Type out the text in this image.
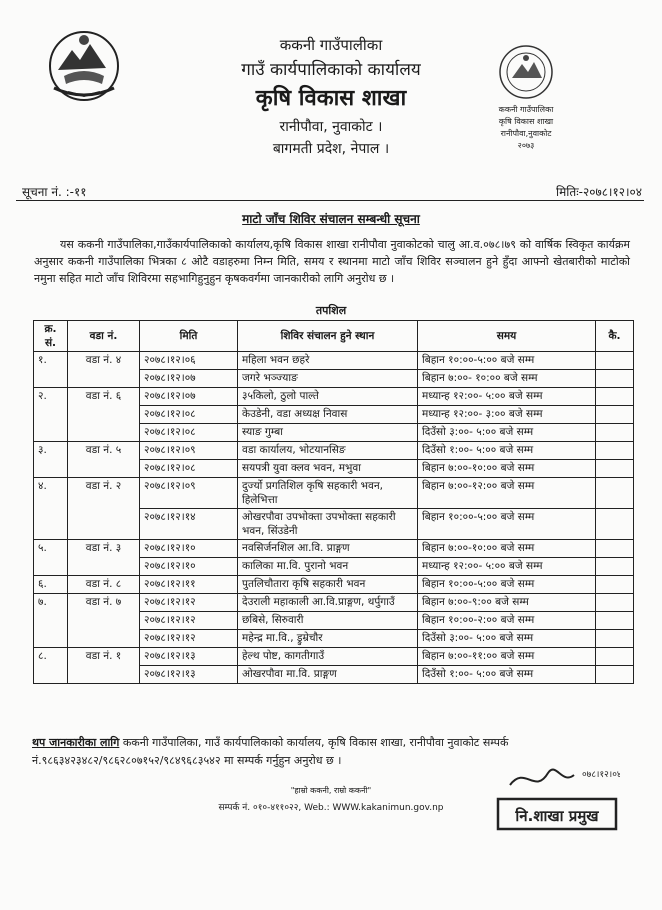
ककनी गाउँपालीका
गाउँ कार्यपालिकाको कार्यालय
कृषि विकास शाखा
रानीपौवा, नुवाकोट ।
बागमती प्रदेश, नेपाल ।
ककनी गाउँपालिका
कृषि विकास शाखा
रानीपौवा,नुवाकोट
२०७३
सूचना नं. :-११	मितिः-२०७८।१२।०४
माटो जाँच शिविर संचालन सम्बन्धी सूचना
यस ककनी गाउँपालिका,गाउँकार्यपालिकाको कार्यालय,कृषि विकास शाखा रानीपौवा नुवाकोटको चालु आ.व.०७८।७९ को वार्षिक स्विकृत कार्यक्रम अनुसार ककनी गाउँपालिका भित्रका ८ ओटै वडाहरुमा निम्न मिति, समय र स्थानमा माटो जाँच शिविर सञ्चालन हुने हुँदा आफ्नो खेतबारीको माटोको नमुना सहित माटो जाँच शिविरमा सहभागिहुनुहुन कृषकवर्गमा जानकारीको लागि अनुरोध छ ।
तपशिल
क्र. सं.	वडा नं.	मिति	शिविर संचालन हुने स्थान	समय	कै.
१.	वडा नं. ४	२०७८।१२।०६	महिला भवन छहरे	बिहान १०:००-५:०० बजे सम्म	
		२०७८।१२।०७	जगरे भञ्ज्याङ	बिहान ७:००- १०:०० बजे सम्म	
२.	वडा नं. ६	२०७८।१२।०७	३५किलो, ठुलो पाल्ते	मध्यान्ह १२:००- ५:०० बजे सम्म	
		२०७८।१२।०८	केउडेनी, वडा अध्यक्ष निवास	मध्यान्ह १२:००- ३:०० बजे सम्म	
		२०७८।१२।०८	स्याङ गुम्बा	दिउँसो ३:००- ५:०० बजे सम्म	
३.	वडा नं. ५	२०७८।१२।०९	वडा कार्यालय, भोटयानसिङ	दिउँसो १:००- ५:०० बजे सम्म	
		२०७८।१२।०८	सयपत्री युवा क्लव भवन, मभुवा	बिहान ७:००-१०:०० बजे सम्म	
४.	वडा नं. २	२०७८।१२।०९	दुर्ज्यो प्रगतिशिल कृषि सहकारी भवन, हिलेभित्ता	बिहान ७:००-१२:०० बजे सम्म	
		२०७८।१२।१४	ओखरपौवा उपभोक्ता उपभोक्ता सहकारी भवन, सिंउडेनी	बिहान १०:००-५:०० बजे सम्म	
५.	वडा नं. ३	२०७८।१२।१०	नवसिर्जनशिल आ.वि. प्राङ्गण	बिहान ७:००-१०:०० बजे सम्म	
		२०७८।१२।१०	कालिका मा.वि. पुरानो भवन	मध्यान्ह १२:००- ५:०० बजे सम्म	
६.	वडा नं. ८	२०७८।१२।११	पुतलिचौतारा कृषि सहकारी भवन	बिहान १०:००-५:०० बजे सम्म	
७.	वडा नं. ७	२०७८।१२।१२	देउराली महाकाली आ.वि.प्राङ्गण, थर्पुगाउँ	बिहान ७:००-९:०० बजे सम्म	
		२०७८।१२।१२	छबिसे, सिरुवारी	बिहान १०:००-२:०० बजे सम्म	
		२०७८।१२।१२	महेन्द्र मा.वि., ड्रुम्रेचौर	दिउँसो ३:००- ५:०० बजे सम्म	
८.	वडा नं. १	२०७८।१२।१३	हेल्थ पोष्ट, कागतीगाउँ	बिहान ७:००-११:०० बजे सम्म	
		२०७८।१२।१३	ओखरपौवा मा.वि. प्राङ्गण	दिउँसो १:००- ५:०० बजे सम्म	
थप जानकारीका लागि ककनी गाउँपालिका, गाउँ कार्यपालिकाको कार्यालय, कृषि विकास शाखा, रानीपौवा नुवाकोट सम्पर्क नं.९८६३४२३४८२/९८६२८०७१५२/९८४९६८३५४२ मा सम्पर्क गर्नुहुन अनुरोध छ ।
"हाम्रो ककनी, राम्रो ककनी"
सम्पर्क नं. ०१०-४११०२२, Web.: WWW.kakanimun.gov.np
०७८।१२।०४
नि.शाखा प्रमुख
